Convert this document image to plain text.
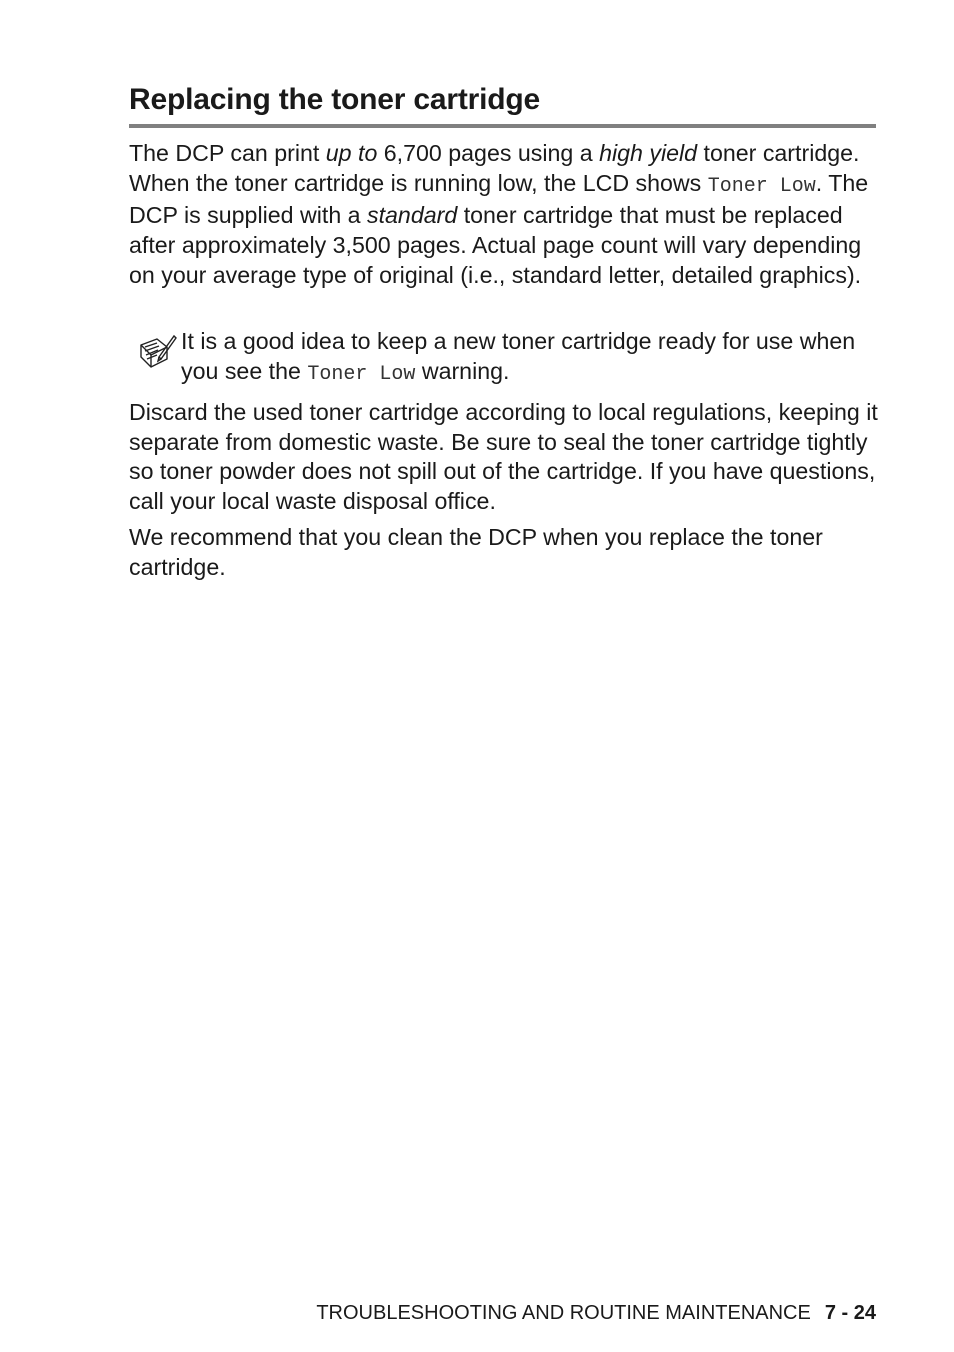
Replacing the toner cartridge

The DCP can print up to 6,700 pages using a high yield toner cartridge. When the toner cartridge is running low, the LCD shows Toner Low. The DCP is supplied with a standard toner cartridge that must be replaced after approximately 3,500 pages. Actual page count will vary depending on your average type of original (i.e., standard letter, detailed graphics).

It is a good idea to keep a new toner cartridge ready for use when you see the Toner Low warning.

Discard the used toner cartridge according to local regulations, keeping it separate from domestic waste. Be sure to seal the toner cartridge tightly so toner powder does not spill out of the cartridge. If you have questions, call your local waste disposal office.

We recommend that you clean the DCP when you replace the toner cartridge.

TROUBLESHOOTING AND ROUTINE MAINTENANCE 7 - 24
